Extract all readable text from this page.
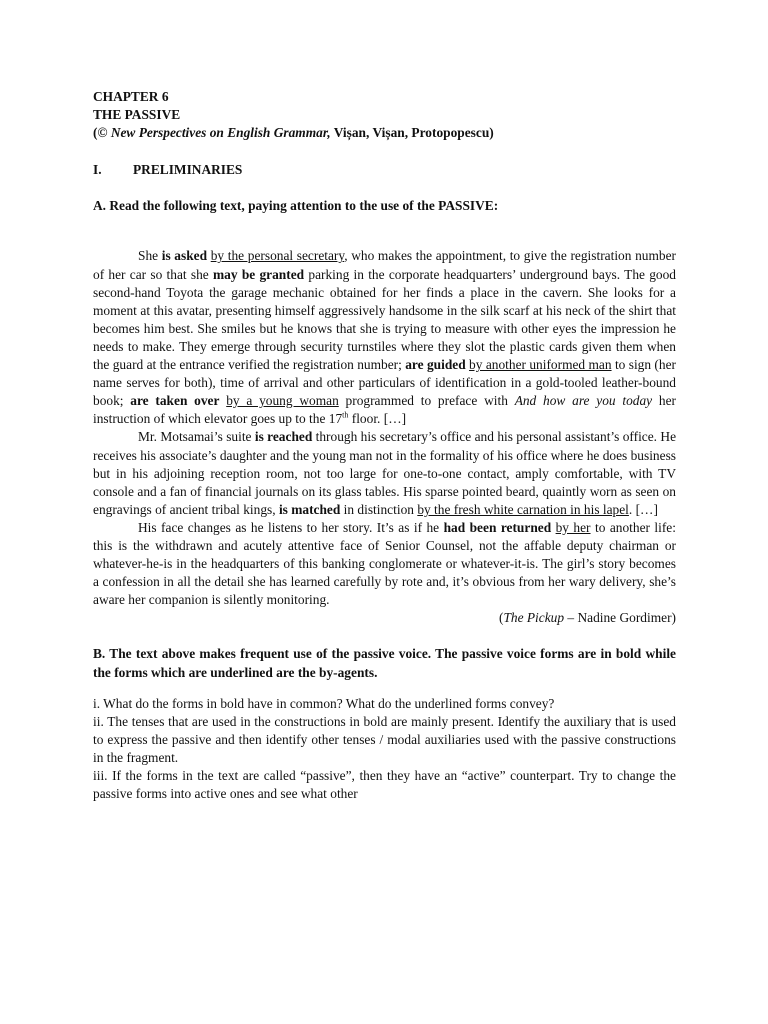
CHAPTER 6

THE PASSIVE

(© New Perspectives on English Grammar, Vișan, Vișan, Protopopescu)

I.	PRELIMINARIES

A. Read the following text, paying attention to the use of the PASSIVE:

She is asked by the personal secretary, who makes the appointment, to give the registration number of her car so that she may be granted parking in the corporate headquarters’ underground bays. The good second-hand Toyota the garage mechanic obtained for her finds a place in the cavern. She looks for a moment at this avatar, presenting himself aggressively handsome in the silk scarf at his neck of the shirt that becomes him best. She smiles but he knows that she is trying to measure with other eyes the impression he needs to make. They emerge through security turnstiles where they slot the plastic cards given them when the guard at the entrance verified the registration number; are guided by another uniformed man to sign (her name serves for both), time of arrival and other particulars of identification in a gold-tooled leather-bound book; are taken over by a young woman programmed to preface with And how are you today her instruction of which elevator goes up to the 17th floor. […]

Mr. Motsamai’s suite is reached through his secretary’s office and his personal assistant’s office. He receives his associate’s daughter and the young man not in the formality of his office where he does business but in his adjoining reception room, not too large for one-to-one contact, amply comfortable, with TV console and a fan of financial journals on its glass tables. His sparse pointed beard, quaintly worn as seen on engravings of ancient tribal kings, is matched in distinction by the fresh white carnation in his lapel. […]

His face changes as he listens to her story. It’s as if he had been returned by her to another life: this is the withdrawn and acutely attentive face of Senior Counsel, not the affable deputy chairman or whatever-he-is in the headquarters of this banking conglomerate or whatever-it-is. The girl’s story becomes a confession in all the detail she has learned carefully by rote and, it’s obvious from her wary delivery, she’s aware her companion is silently monitoring.

(The Pickup – Nadine Gordimer)

B. The text above makes frequent use of the passive voice. The passive voice forms are in bold while the forms which are underlined are the by-agents.

i. What do the forms in bold have in common? What do the underlined forms convey?

ii. The tenses that are used in the constructions in bold are mainly present. Identify the auxiliary that is used to express the passive and then identify other tenses / modal auxiliaries used with the passive constructions in the fragment.

iii. If the forms in the text are called “passive”, then they have an “active” counterpart. Try to change the passive forms into active ones and see what other
